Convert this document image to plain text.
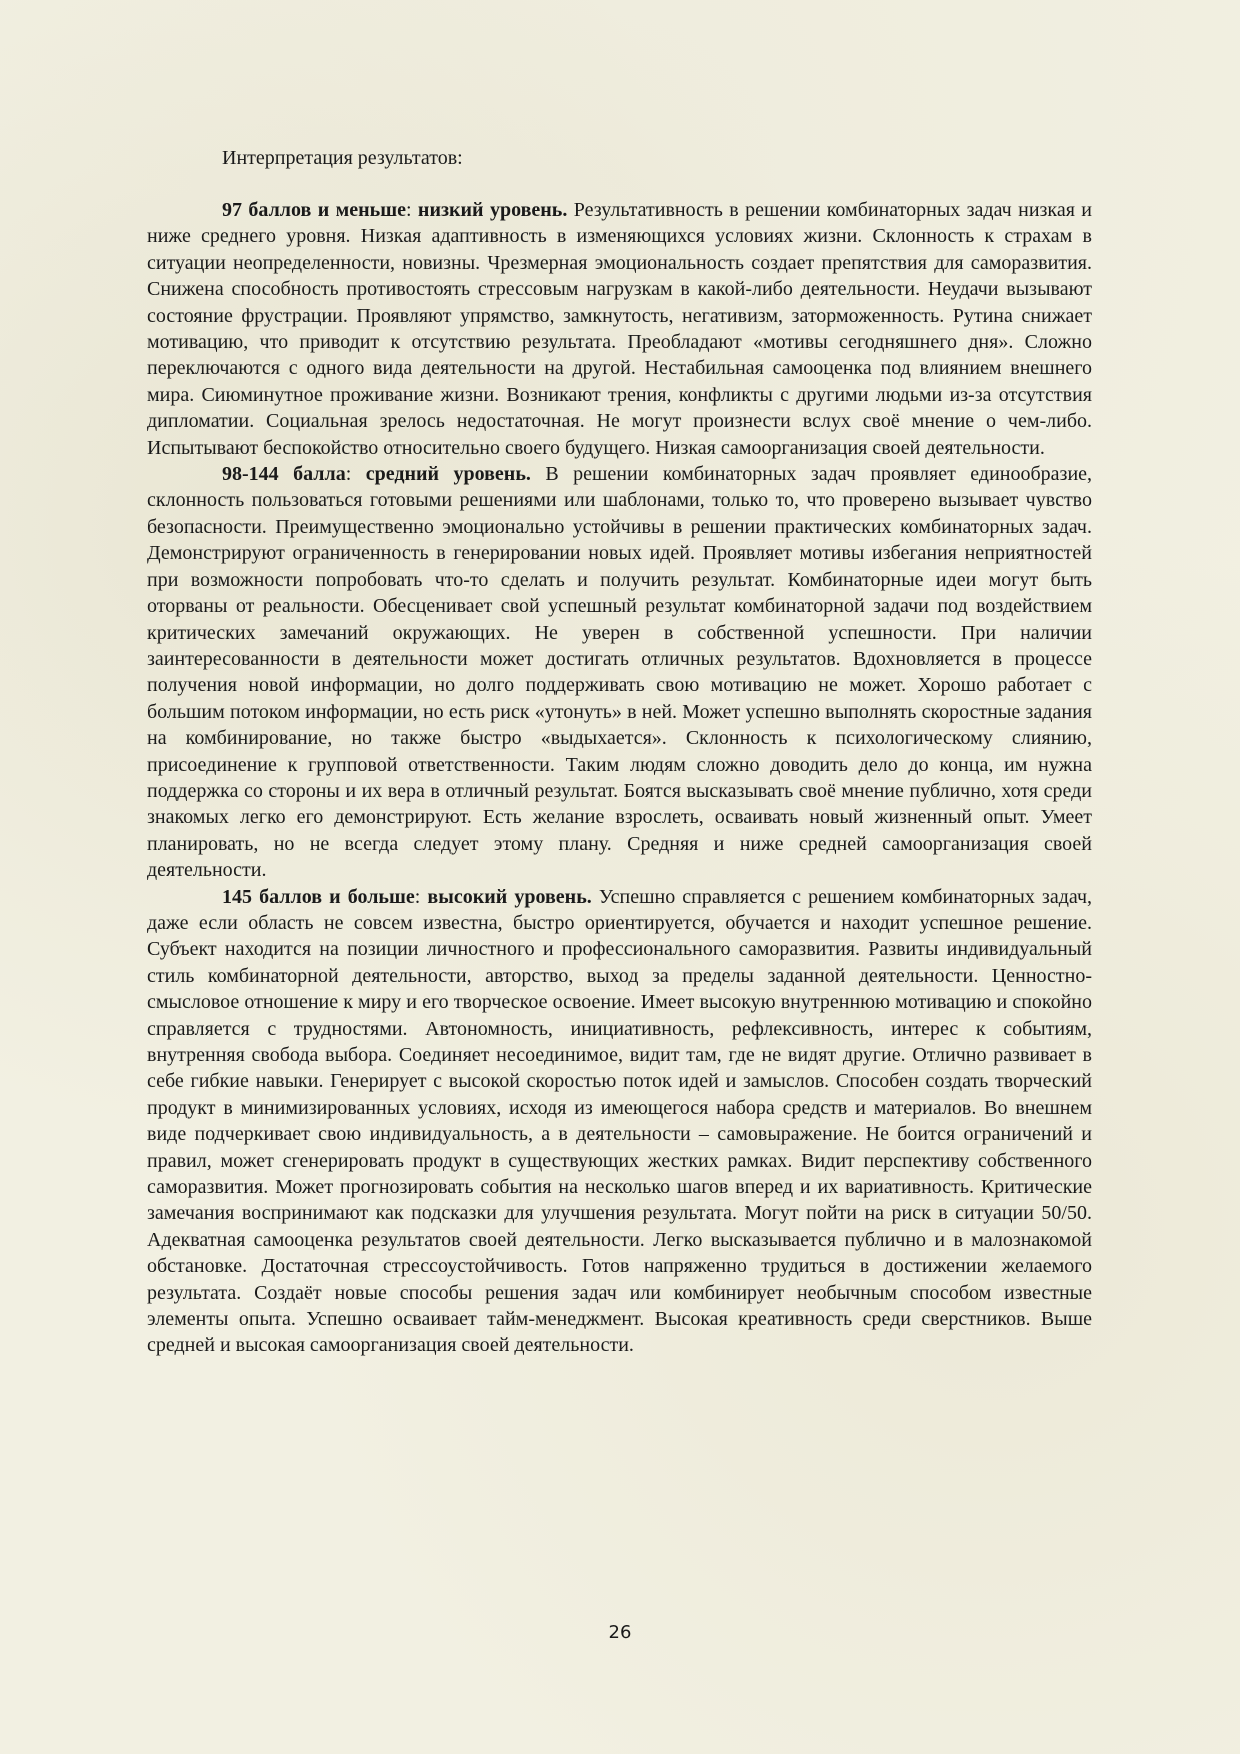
Интерпретация результатов:

97 баллов и меньше: низкий уровень. Результативность в решении комбинаторных задач низкая и ниже среднего уровня. Низкая адаптивность в изменяющихся условиях жизни. Склонность к страхам в ситуации неопределенности, новизны. Чрезмерная эмоциональность создает препятствия для саморазвития. Снижена способность противостоять стрессовым нагрузкам в какой-либо деятельности. Неудачи вызывают состояние фрустрации. Проявляют упрямство, замкнутость, негативизм, заторможенность. Рутина снижает мотивацию, что приводит к отсутствию результата. Преобладают «мотивы сегодняшнего дня». Сложно переключаются с одного вида деятельности на другой. Нестабильная самооценка под влиянием внешнего мира. Сиюминутное проживание жизни. Возникают трения, конфликты с другими людьми из-за отсутствия дипломатии. Социальная зрелось недостаточная. Не могут произнести вслух своё мнение о чем-либо. Испытывают беспокойство относительно своего будущего. Низкая самоорганизация своей деятельности.

98-144 балла: средний уровень. В решении комбинаторных задач проявляет единообразие, склонность пользоваться готовыми решениями или шаблонами, только то, что проверено вызывает чувство безопасности. Преимущественно эмоционально устойчивы в решении практических комбинаторных задач. Демонстрируют ограниченность в генерировании новых идей. Проявляет мотивы избегания неприятностей при возможности попробовать что-то сделать и получить результат. Комбинаторные идеи могут быть оторваны от реальности. Обесценивает свой успешный результат комбинаторной задачи под воздействием критических замечаний окружающих. Не уверен в собственной успешности. При наличии заинтересованности в деятельности может достигать отличных результатов. Вдохновляется в процессе получения новой информации, но долго поддерживать свою мотивацию не может. Хорошо работает с большим потоком информации, но есть риск «утонуть» в ней. Может успешно выполнять скоростные задания на комбинирование, но также быстро «выдыхается». Склонность к психологическому слиянию, присоединение к групповой ответственности. Таким людям сложно доводить дело до конца, им нужна поддержка со стороны и их вера в отличный результат. Боятся высказывать своё мнение публично, хотя среди знакомых легко его демонстрируют. Есть желание взрослеть, осваивать новый жизненный опыт. Умеет планировать, но не всегда следует этому плану. Средняя и ниже средней самоорганизация своей деятельности.

145 баллов и больше: высокий уровень. Успешно справляется с решением комбинаторных задач, даже если область не совсем известна, быстро ориентируется, обучается и находит успешное решение. Субъект находится на позиции личностного и профессионального саморазвития. Развиты индивидуальный стиль комбинаторной деятельности, авторство, выход за пределы заданной деятельности. Ценностно-смысловое отношение к миру и его творческое освоение. Имеет высокую внутреннюю мотивацию и спокойно справляется с трудностями. Автономность, инициативность, рефлексивность, интерес к событиям, внутренняя свобода выбора. Соединяет несоединимое, видит там, где не видят другие. Отлично развивает в себе гибкие навыки. Генерирует с высокой скоростью поток идей и замыслов. Способен создать творческий продукт в минимизированных условиях, исходя из имеющегося набора средств и материалов. Во внешнем виде подчеркивает свою индивидуальность, а в деятельности – самовыражение. Не боится ограничений и правил, может сгенерировать продукт в существующих жестких рамках. Видит перспективу собственного саморазвития. Может прогнозировать события на несколько шагов вперед и их вариативность. Критические замечания воспринимают как подсказки для улучшения результата. Могут пойти на риск в ситуации 50/50. Адекватная самооценка результатов своей деятельности. Легко высказывается публично и в малознакомой обстановке. Достаточная стрессоустойчивость. Готов напряженно трудиться в достижении желаемого результата. Создаёт новые способы решения задач или комбинирует необычным способом известные элементы опыта. Успешно осваивает тайм-менеджмент. Высокая креативность среди сверстников. Выше средней и высокая самоорганизация своей деятельности.

26
